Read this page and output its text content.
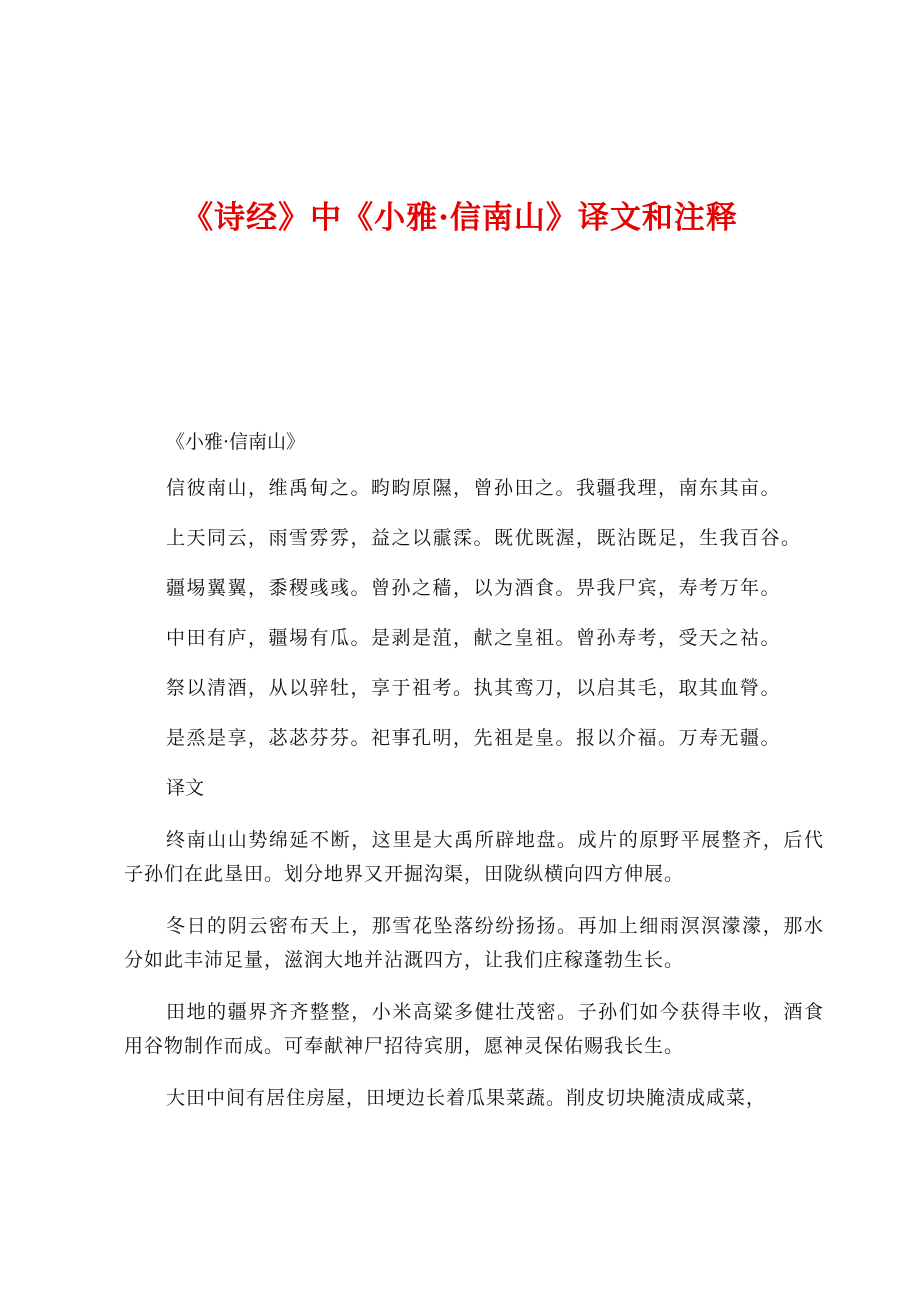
《诗经》中《小雅·信南山》译文和注释
《小雅·信南山》
信彼南山，维禹甸之。畇畇原隰，曾孙田之。我疆我理，南东其亩。
上天同云，雨雪雰雰，益之以霢霂。既优既渥，既沾既足，生我百谷。
疆埸翼翼，黍稷彧彧。曾孙之穑，以为酒食。畀我尸宾，寿考万年。
中田有庐，疆埸有瓜。是剥是菹，献之皇祖。曾孙寿考，受天之祜。
祭以清酒，从以骍牡，享于祖考。执其鸾刀，以启其毛，取其血膋。
是烝是享，苾苾芬芬。祀事孔明，先祖是皇。报以介福。万寿无疆。
译文

终南山山势绵延不断，这里是大禹所辟地盘。成片的原野平展整齐，后代子孙们在此垦田。划分地界又开掘沟渠，田陇纵横向四方伸展。

冬日的阴云密布天上，那雪花坠落纷纷扬扬。再加上细雨溟溟濛濛，那水分如此丰沛足量，滋润大地并沾溉四方，让我们庄稼蓬勃生长。

田地的疆界齐齐整整，小米高粱多健壮茂密。子孙们如今获得丰收，酒食用谷物制作而成。可奉献神尸招待宾朋，愿神灵保佑赐我长生。

大田中间有居住房屋，田埂边长着瓜果菜蔬。削皮切块腌渍成咸菜，
